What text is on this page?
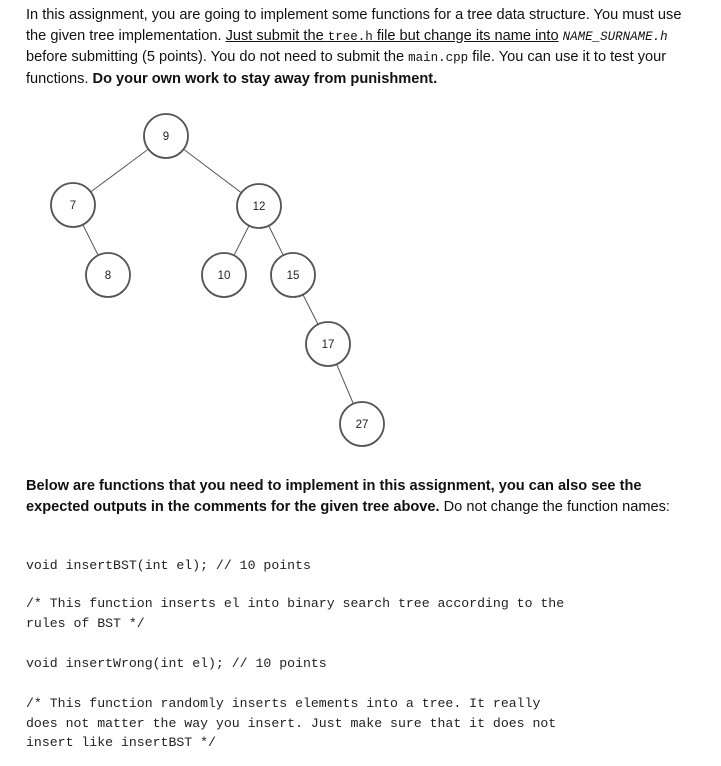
In this assignment, you are going to implement some functions for a tree data structure. You must use the given tree implementation. Just submit the tree.h file but change its name into NAME_SURNAME.h before submitting (5 points). You do not need to submit the main.cpp file. You can use it to test your functions. Do your own work to stay away from punishment.
9
7	12
8	10	15
17
27
Below are functions that you need to implement in this assignment, you can also see the expected outputs in the comments for the given tree above. Do not change the function names:
void insertBST(int el); // 10 points
/* This function inserts el into binary search tree according to the
rules of BST */
void insertWrong(int el); // 10 points
/* This function randomly inserts elements into a tree. It really
does not matter the way you insert. Just make sure that it does not
insert like insertBST */
